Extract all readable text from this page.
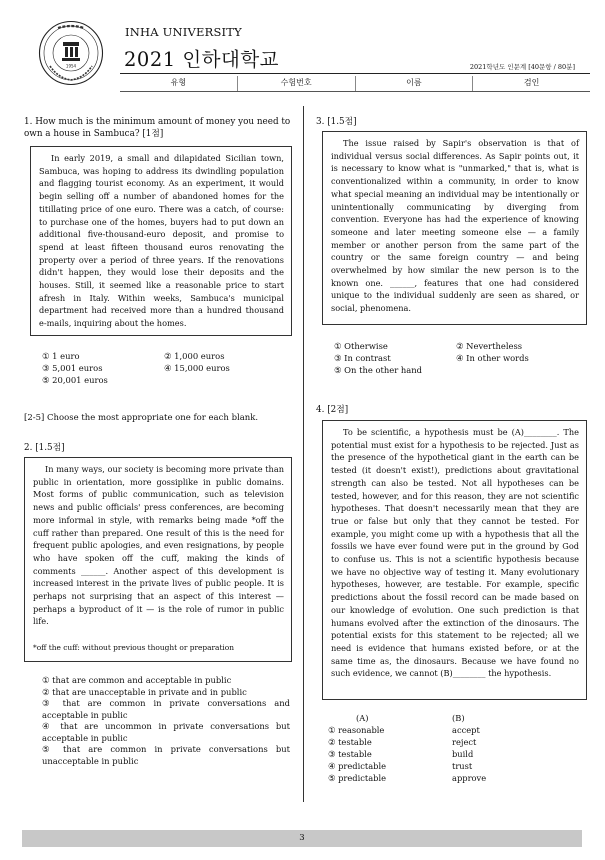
1954
INHA UNIVERSITY
2021 인하대학교	2021학년도 인문계 [40문항 / 80분]
유형	수험번호	이름	검인
1. How much is the minimum amount of money you need to own a house in Sambuca? [1점]

In early 2019, a small and dilapidated Sicilian town, Sambuca, was hoping to address its dwindling population and flagging tourist economy. As an experiment, it would begin selling off a number of abandoned homes for the titillating price of one euro. There was a catch, of course: to purchase one of the homes, buyers had to put down an additional five-thousand-euro deposit, and promise to spend at least fifteen thousand euros renovating the property over a period of three years. If the renovations didn't happen, they would lose their deposits and the houses. Still, it seemed like a reasonable price to start afresh in Italy. Within weeks, Sambuca's municipal department had received more than a hundred thousand e-mails, inquiring about the homes.

① 1 euro	② 1,000 euros
③ 5,001 euros	④ 15,000 euros
⑤ 20,001 euros
[2-5] Choose the most appropriate one for each blank.
2. [1.5점]

In many ways, our society is becoming more private than public in orientation, more gossiplike in public domains. Most forms of public communication, such as television news and public officials' press conferences, are becoming more informal in style, with remarks being made *off the cuff rather than prepared. One result of this is the need for frequent public apologies, and even resignations, by people who have spoken off the cuff, making the kinds of comments ______. Another aspect of this development is increased interest in the private lives of public people. It is perhaps not surprising that an aspect of this interest — perhaps a byproduct of it — is the role of rumor in public life.

*off the cuff: without previous thought or preparation
① that are common and acceptable in public
② that are unacceptable in private and in public
③ that are common in private conversations and acceptable in public
④ that are uncommon in private conversations but acceptable in public
⑤ that are common in private conversations but unacceptable in public
3. [1.5점]

The issue raised by Sapir's observation is that of individual versus social differences. As Sapir points out, it is necessary to know what is "unmarked," that is, what is conventionalized within a community, in order to know what special meaning an individual may be intentionally or unintentionally communicating by diverging from convention. Everyone has had the experience of knowing someone and later meeting someone else — a family member or another person from the same part of the country or the same foreign country — and being overwhelmed by how similar the new person is to the known one. ______, features that one had considered unique to the individual suddenly are seen as shared, or social, phenomena.

① Otherwise	② Nevertheless
③ In contrast	④ In other words
⑤ On the other hand
4. [2점]

To be scientific, a hypothesis must be (A)________. The potential must exist for a hypothesis to be rejected. Just as the presence of the hypothetical giant in the earth can be tested (it doesn't exist!), predictions about gravitational strength can also be tested. Not all hypotheses can be tested, however, and for this reason, they are not scientific hypotheses. That doesn't necessarily mean that they are true or false but only that they cannot be tested. For example, you might come up with a hypothesis that all the fossils we have ever found were put in the ground by God to confuse us. This is not a scientific hypothesis because we have no objective way of testing it. Many evolutionary hypotheses, however, are testable. For example, specific predictions about the fossil record can be made based on our knowledge of evolution. One such prediction is that humans evolved after the extinction of the dinosaurs. The potential exists for this statement to be rejected; all we need is evidence that humans existed before, or at the same time as, the dinosaurs. Because we have found no such evidence, we cannot (B)________ the hypothesis.

(A)	(B)
① reasonable	accept
② testable	reject
③ testable	build
④ predictable	trust
⑤ predictable	approve
3
